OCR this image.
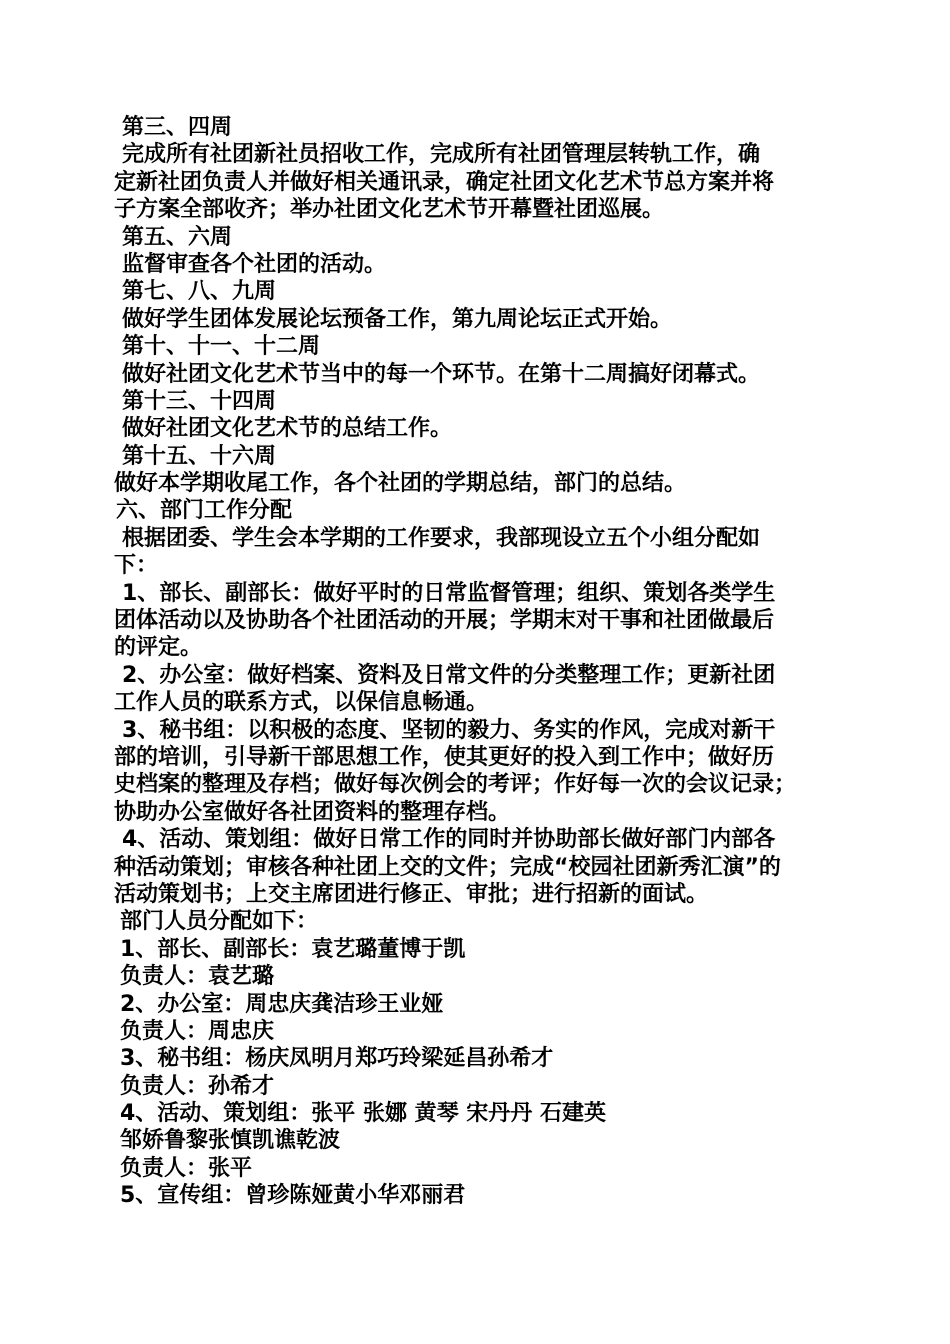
第三、四周
完成所有社团新社员招收工作，完成所有社团管理层转轨工作，确
定新社团负责人并做好相关通讯录，确定社团文化艺术节总方案并将
子方案全部收齐；举办社团文化艺术节开幕暨社团巡展。
第五、六周
监督审查各个社团的活动。
第七、八、九周
做好学生团体发展论坛预备工作，第九周论坛正式开始。
第十、十一、十二周
做好社团文化艺术节当中的每一个环节。在第十二周搞好闭幕式。
第十三、十四周
做好社团文化艺术节的总结工作。
第十五、十六周
做好本学期收尾工作，各个社团的学期总结，部门的总结。
六、部门工作分配
根据团委、学生会本学期的工作要求，我部现设立五个小组分配如
下：
1、部长、副部长：做好平时的日常监督管理；组织、策划各类学生
团体活动以及协助各个社团活动的开展；学期末对干事和社团做最后
的评定。
2、办公室：做好档案、资料及日常文件的分类整理工作；更新社团
工作人员的联系方式，以保信息畅通。
3、秘书组：以积极的态度、坚韧的毅力、务实的作风，完成对新干
部的培训，引导新干部思想工作，使其更好的投入到工作中；做好历
史档案的整理及存档；做好每次例会的考评；作好每一次的会议记录；
协助办公室做好各社团资料的整理存档。
4、活动、策划组：做好日常工作的同时并协助部长做好部门内部各
种活动策划；审核各种社团上交的文件；完成“校园社团新秀汇演”的
活动策划书；上交主席团进行修正、审批；进行招新的面试。
部门人员分配如下：
1、部长、副部长：袁艺璐董博于凯
负责人：袁艺璐
2、办公室：周忠庆龚洁珍王业娅
负责人：周忠庆
3、秘书组：杨庆凤明月郑巧玲梁延昌孙希才
负责人：孙希才
4、活动、策划组：张平 张娜 黄琴 宋丹丹 石建英
邹娇鲁黎张慎凯谯乾波
负责人：张平
5、宣传组：曾珍陈娅黄小华邓丽君
